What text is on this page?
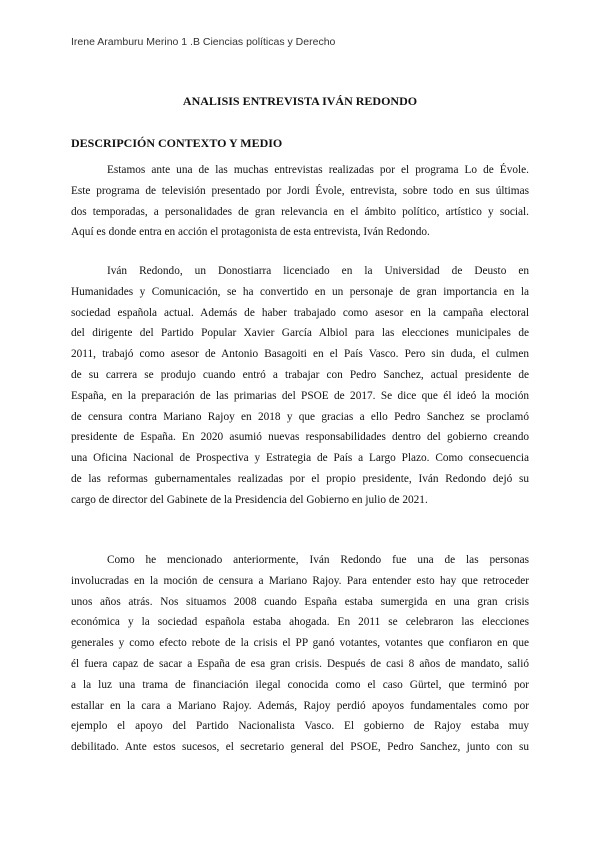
Irene Aramburu Merino 1 .B Ciencias políticas y Derecho
ANALISIS ENTREVISTA IVÁN REDONDO
DESCRIPCIÓN CONTEXTO Y MEDIO
Estamos ante una de las muchas entrevistas realizadas por el programa Lo de Évole.
Este programa de televisión presentado por Jordi Évole, entrevista, sobre todo en sus últimas
dos temporadas, a personalidades de gran relevancia en el ámbito político, artístico y social.
Aquí es donde entra en acción el protagonista de esta entrevista, Iván Redondo.
Iván Redondo, un Donostiarra licenciado en la Universidad de Deusto en
Humanidades y Comunicación, se ha convertido en un personaje de gran importancia en la
sociedad española actual. Además de haber trabajado como asesor en la campaña electoral
del dirigente del Partido Popular Xavier García Albiol para las elecciones municipales de
2011, trabajó como asesor de Antonio Basagoiti en el País Vasco. Pero sin duda, el culmen
de su carrera se produjo cuando entró a trabajar con Pedro Sanchez, actual presidente de
España, en la preparación de las primarias del PSOE de 2017. Se dice que él ideó la moción
de censura contra Mariano Rajoy en 2018 y que gracias a ello Pedro Sanchez se proclamó
presidente de España. En 2020 asumió nuevas responsabilidades dentro del gobierno creando
una Oficina Nacional de Prospectiva y Estrategia de País a Largo Plazo. Como consecuencia
de las reformas gubernamentales realizadas por el propio presidente, Iván Redondo dejó su
cargo de director del Gabinete de la Presidencia del Gobierno en julio de 2021.
Como he mencionado anteriormente, Iván Redondo fue una de las personas
involucradas en la moción de censura a Mariano Rajoy. Para entender esto hay que retroceder
unos años atrás. Nos situamos 2008 cuando España estaba sumergida en una gran crisis
económica y la sociedad española estaba ahogada. En 2011 se celebraron las elecciones
generales y como efecto rebote de la crisis el PP ganó votantes, votantes que confiaron en que
él fuera capaz de sacar a España de esa gran crisis. Después de casi 8 años de mandato, salió
a la luz una trama de financiación ilegal conocida como el caso Gürtel, que terminó por
estallar en la cara a Mariano Rajoy. Además, Rajoy perdió apoyos fundamentales como por
ejemplo el apoyo del Partido Nacionalista Vasco. El gobierno de Rajoy estaba muy
debilitado. Ante estos sucesos, el secretario general del PSOE, Pedro Sanchez, junto con su
